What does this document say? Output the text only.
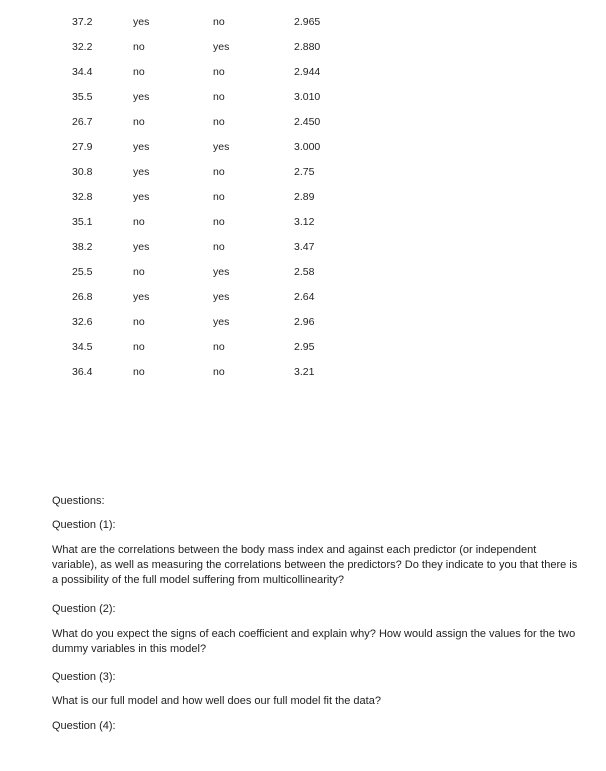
37.2	yes	no	2.965
32.2	no	yes	2.880
34.4	no	no	2.944
35.5	yes	no	3.010
26.7	no	no	2.450
27.9	yes	yes	3.000
30.8	yes	no	2.75
32.8	yes	no	2.89
35.1	no	no	3.12
38.2	yes	no	3.47
25.5	no	yes	2.58
26.8	yes	yes	2.64
32.6	no	yes	2.96
34.5	no	no	2.95
36.4	no	no	3.21
Questions:
Question (1):
What are the correlations between the body mass index and against each predictor (or independent variable), as well as measuring the correlations between the predictors? Do they indicate to you that there is a possibility of the full model suffering from multicollinearity?
Question (2):
What do you expect the signs of each coefficient and explain why? How would assign the values for the two dummy variables in this model?
Question (3):
What is our full model and how well does our full model fit the data?
Question (4):
